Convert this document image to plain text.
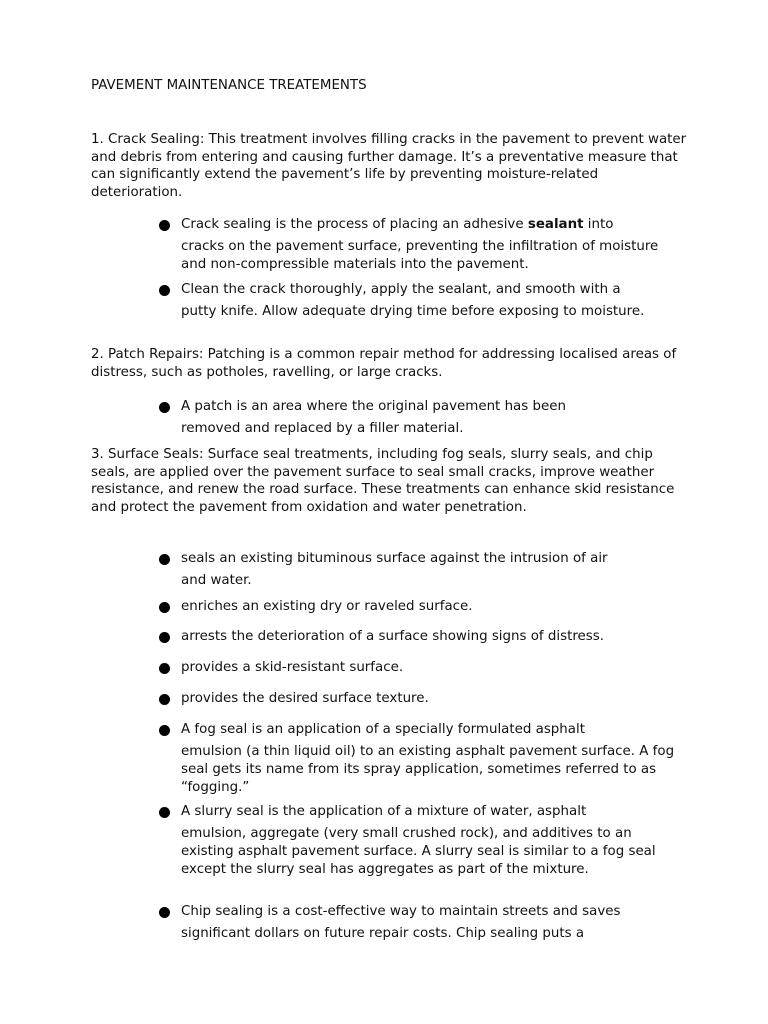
PAVEMENT MAINTENANCE TREATEMENTS

1. Crack Sealing: This treatment involves filling cracks in the pavement to prevent water and debris from entering and causing further damage. It’s a preventative measure that can significantly extend the pavement’s life by preventing moisture-related deterioration.

Crack sealing is the process of placing an adhesive sealant into
cracks on the pavement surface, preventing the infiltration of moisture and non-compressible materials into the pavement.
Clean the crack thoroughly, apply the sealant, and smooth with a
putty knife. Allow adequate drying time before exposing to moisture.

2. Patch Repairs: Patching is a common repair method for addressing localised areas of distress, such as potholes, ravelling, or large cracks.

A patch is an area where the original pavement has been
removed and replaced by a filler material.

3. Surface Seals: Surface seal treatments, including fog seals, slurry seals, and chip seals, are applied over the pavement surface to seal small cracks, improve weather resistance, and renew the road surface. These treatments can enhance skid resistance and protect the pavement from oxidation and water penetration.

seals an existing bituminous surface against the intrusion of air
and water.
enriches an existing dry or raveled surface.
arrests the deterioration of a surface showing signs of distress.
provides a skid-resistant surface.
provides the desired surface texture.
A fog seal is an application of a specially formulated asphalt
emulsion (a thin liquid oil) to an existing asphalt pavement surface. A fog seal gets its name from its spray application, sometimes referred to as “fogging.”
A slurry seal is the application of a mixture of water, asphalt
emulsion, aggregate (very small crushed rock), and additives to an existing asphalt pavement surface. A slurry seal is similar to a fog seal except the slurry seal has aggregates as part of the mixture.
Chip sealing is a cost-effective way to maintain streets and saves
significant dollars on future repair costs. Chip sealing puts a
